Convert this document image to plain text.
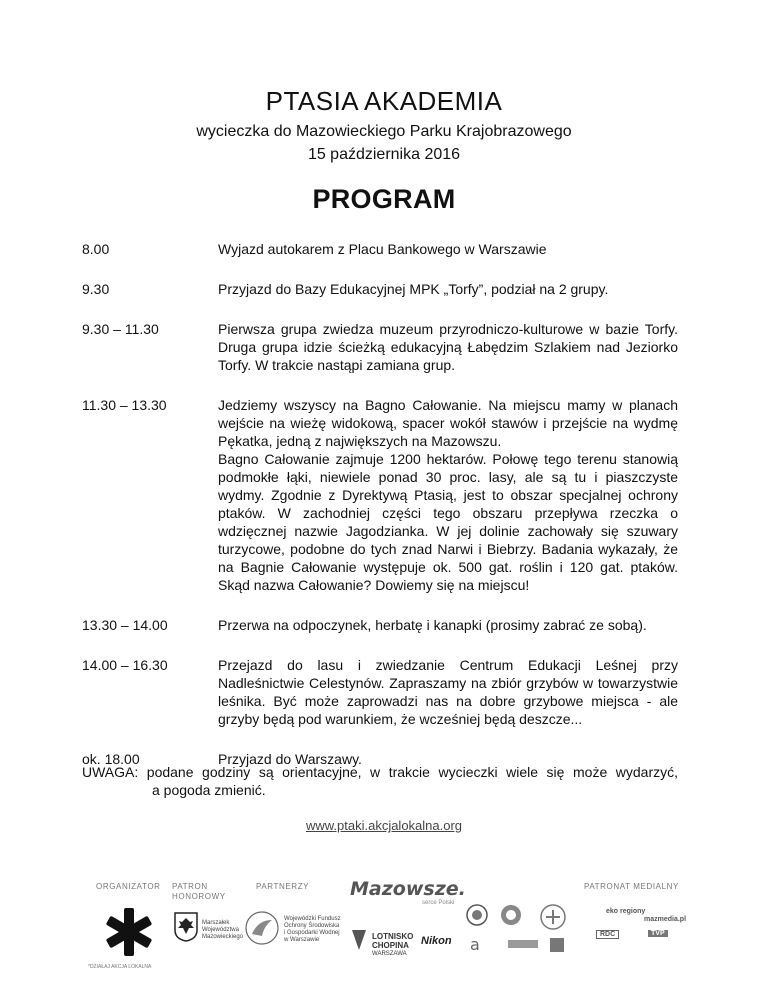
PTASIA AKADEMIA
wycieczka do Mazowieckiego Parku Krajobrazowego
15 października 2016
PROGRAM
8.00	Wyjazd autokarem z Placu Bankowego w Warszawie
9.30	Przyjazd do Bazy Edukacyjnej MPK „Torfy”, podział na 2 grupy.
9.30 – 11.30	Pierwsza grupa zwiedza muzeum przyrodniczo-kulturowe w bazie Torfy. Druga grupa idzie ścieżką edukacyjną Łabędzim Szlakiem nad Jeziorko Torfy. W trakcie nastąpi zamiana grup.
11.30 – 13.30	Jedziemy wszyscy na Bagno Całowanie. Na miejscu mamy w planach wejście na wieżę widokową, spacer wokół stawów i przejście na wydmę Pękatka, jedną z największych na Mazowszu.
Bagno Całowanie zajmuje 1200 hektarów. Połowę tego terenu stanowią podmokłe łąki, niewiele ponad 30 proc. lasy, ale są tu i piaszczyste wydmy. Zgodnie z Dyrektywą Ptasią, jest to obszar specjalnej ochrony ptaków. W zachodniej części tego obszaru przepływa rzeczka o wdzięcznej nazwie Jagodzianka. W jej dolinie zachowały się szuwary turzycowe, podobne do tych znad Narwi i Biebrzy. Badania wykazały, że na Bagnie Całowanie występuje ok. 500 gat. roślin i 120 gat. ptaków. Skąd nazwa Całowanie? Dowiemy się na miejscu!
13.30 – 14.00	Przerwa na odpoczynek, herbatę i kanapki (prosimy zabrać ze sobą).
14.00 – 16.30	Przejazd do lasu i zwiedzanie Centrum Edukacji Leśnej przy Nadleśnictwie Celestynów. Zapraszamy na zbiór grzybów w towarzystwie leśnika. Być może zaprowadzi nas na dobre grzybowe miejsca - ale grzyby będą pod warunkiem, że wcześniej będą deszcze...
ok. 18.00	Przyjazd do Warszawy.
UWAGA: podane godziny są orientacyjne, w trakcie wycieczki wiele się może wydarzyć,
a pogoda zmienić.
www.ptaki.akcjalokalna.org
ORGANIZATOR PATRON
HONOROWY
PARTNERZY	PATRONAT MEDIALNY
*DZIAŁAJ AKCJA LOKALNA
Marszałek
Województwa
Mazowieckiego
Wojewódzki Fundusz
Ochrony Środowiska
i Gospodarki Wodnej
w Warszawie
Mazowsze.
serce Polski
LOTNISKO
CHOPINA
WARSZAWA
Nikon a
eko regiony
mazmedia.pl
RDC	TVP
